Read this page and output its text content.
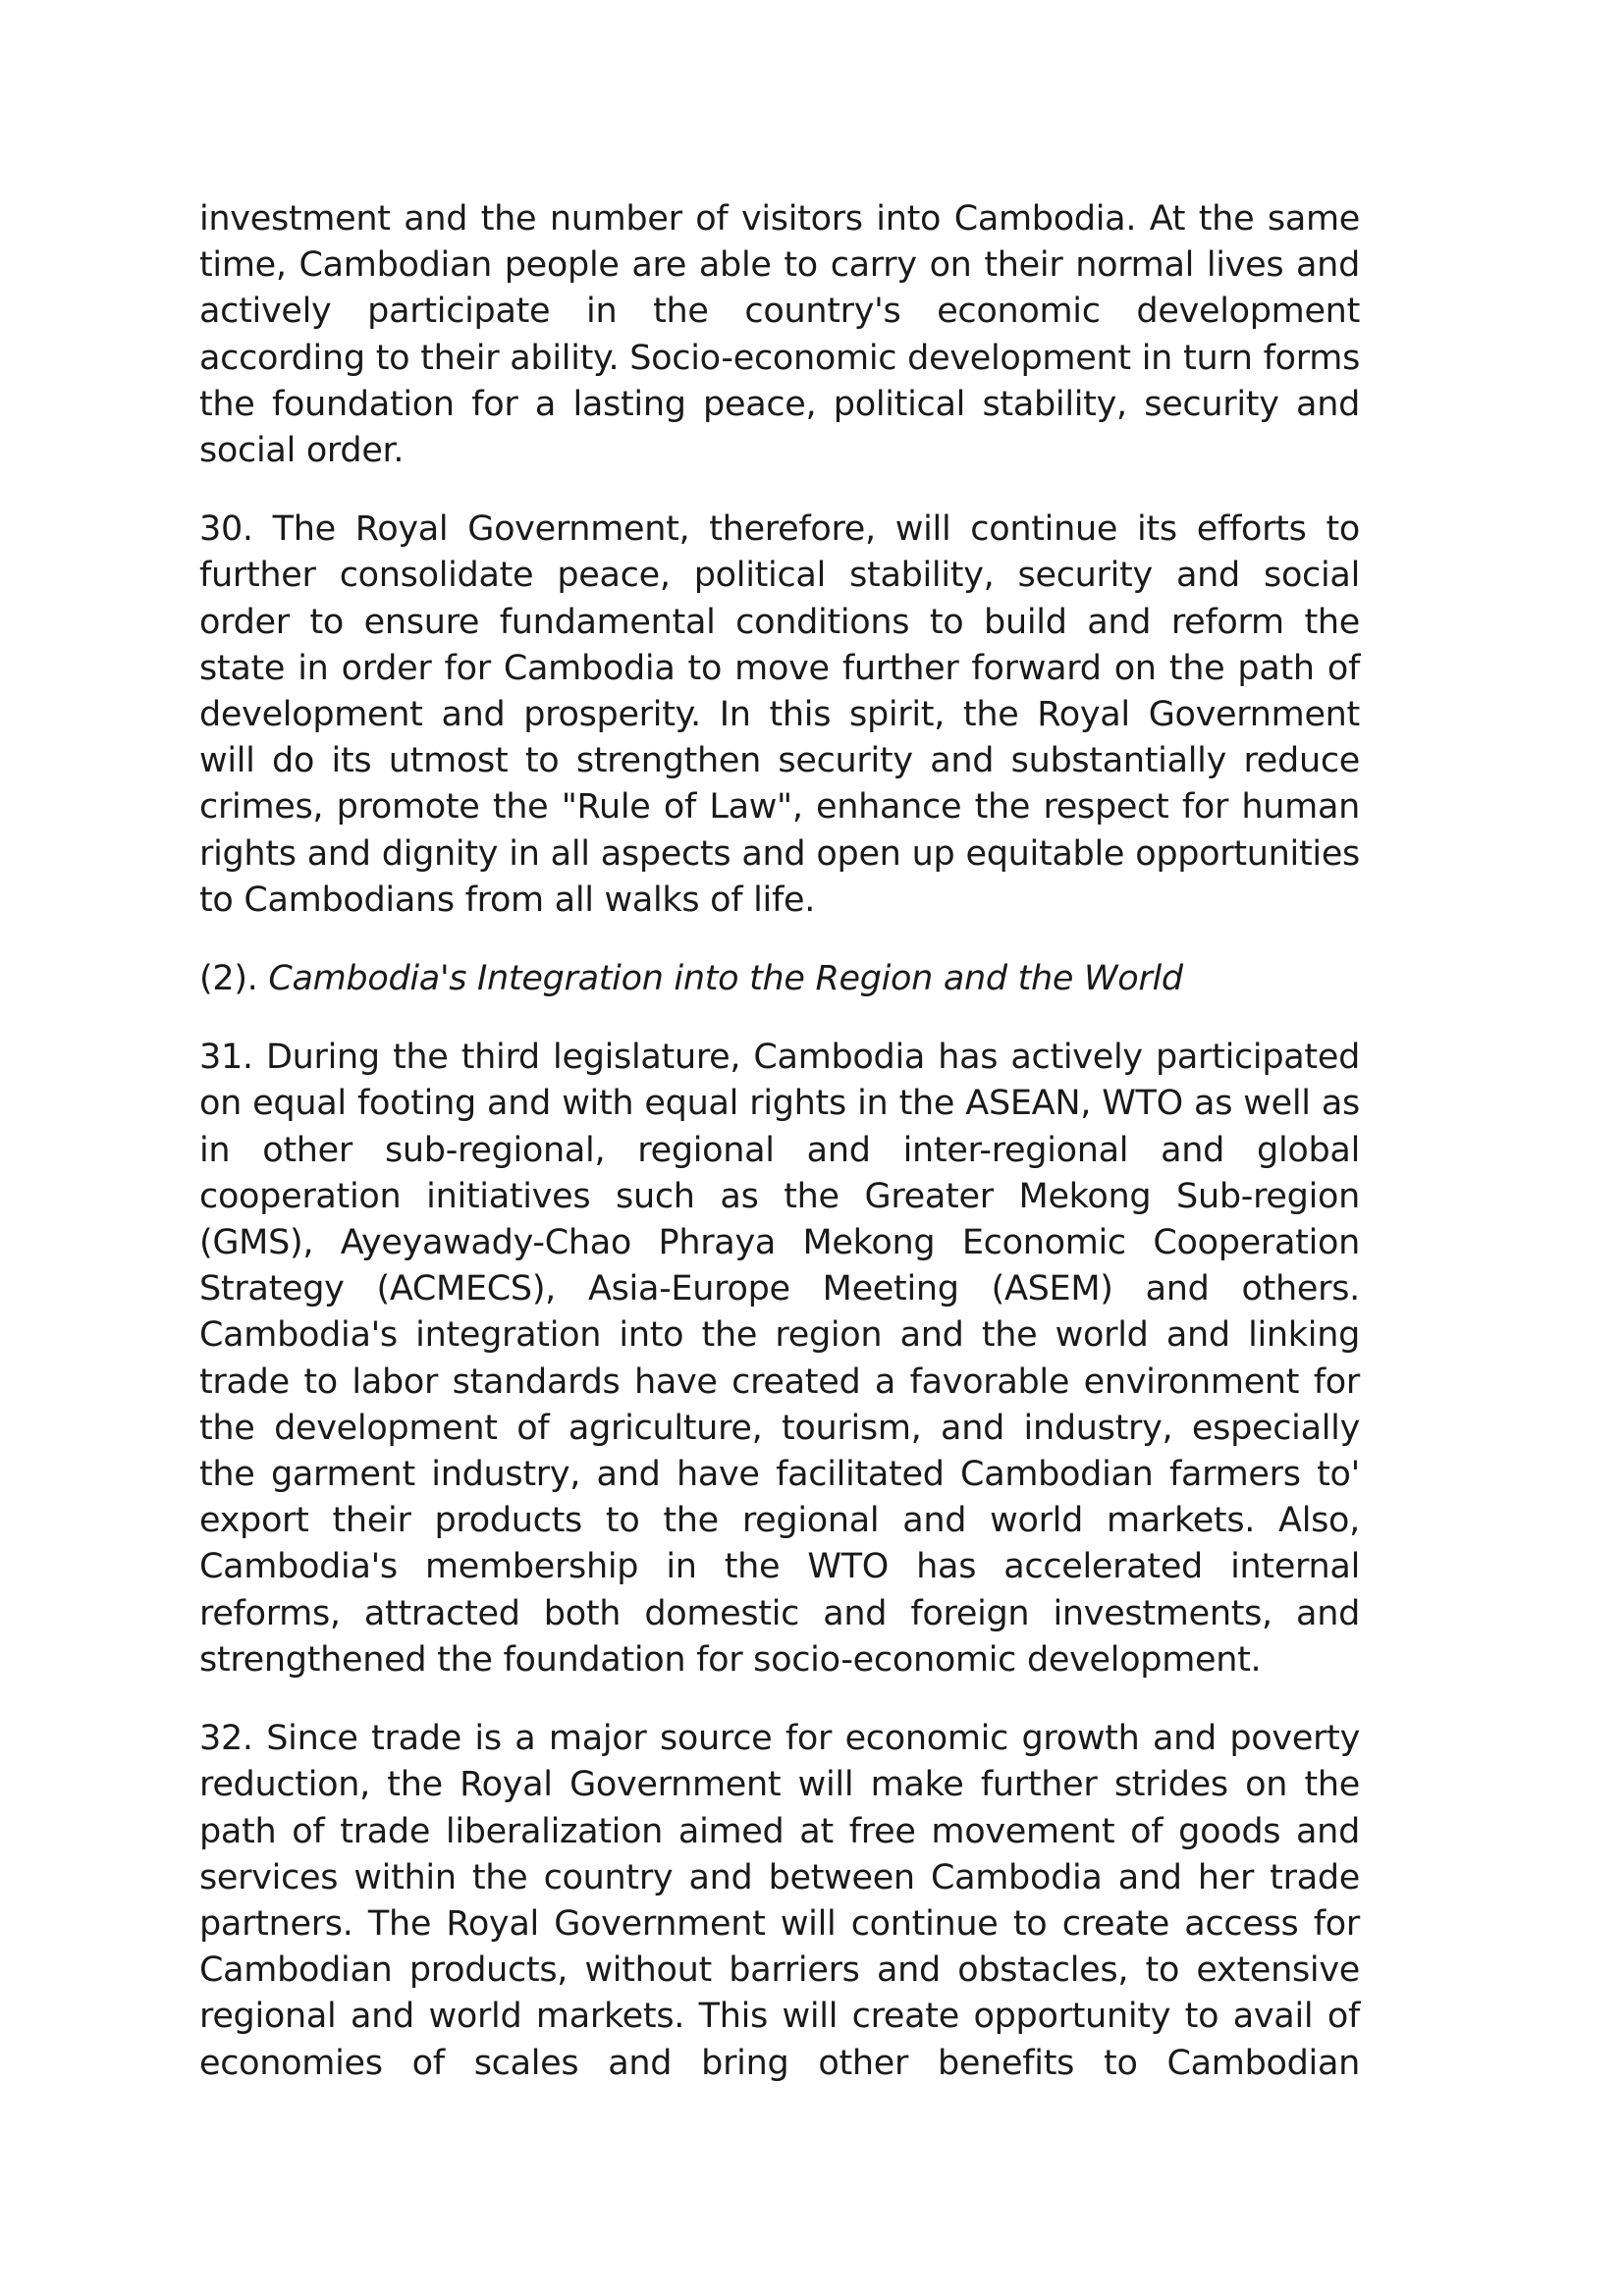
investment and the number of visitors into Cambodia. At the same time, Cambodian people are able to carry on their normal lives and actively participate in the country's economic development according to their ability. Socio-economic development in turn forms the foundation for a lasting peace, political stability, security and social order.

30. The Royal Government, therefore, will continue its efforts to further consolidate peace, political stability, security and social order to ensure fundamental conditions to build and reform the state in order for Cambodia to move further forward on the path of development and prosperity. In this spirit, the Royal Government will do its utmost to strengthen security and substantially reduce crimes, promote the "Rule of Law", enhance the respect for human rights and dignity in all aspects and open up equitable opportunities to Cambodians from all walks of life.

(2). Cambodia's Integration into the Region and the World

31. During the third legislature, Cambodia has actively participated on equal footing and with equal rights in the ASEAN, WTO as well as in other sub-regional, regional and inter-regional and global cooperation initiatives such as the Greater Mekong Sub-region (GMS), Ayeyawady-Chao Phraya Mekong Economic Cooperation Strategy (ACMECS), Asia-Europe Meeting (ASEM) and others. Cambodia's integration into the region and the world and linking trade to labor standards have created a favorable environment for the development of agriculture, tourism, and industry, especially the garment industry, and have facilitated Cambodian farmers to' export their products to the regional and world markets. Also, Cambodia's membership in the WTO has accelerated internal reforms, attracted both domestic and foreign investments, and strengthened the foundation for socio-economic development.

32. Since trade is a major source for economic growth and poverty reduction, the Royal Government will make further strides on the path of trade liberalization aimed at free movement of goods and services within the country and between Cambodia and her trade partners. The Royal Government will continue to create access for Cambodian products, without barriers and obstacles, to extensive regional and world markets. This will create opportunity to avail of economies of scales and bring other benefits to Cambodian
